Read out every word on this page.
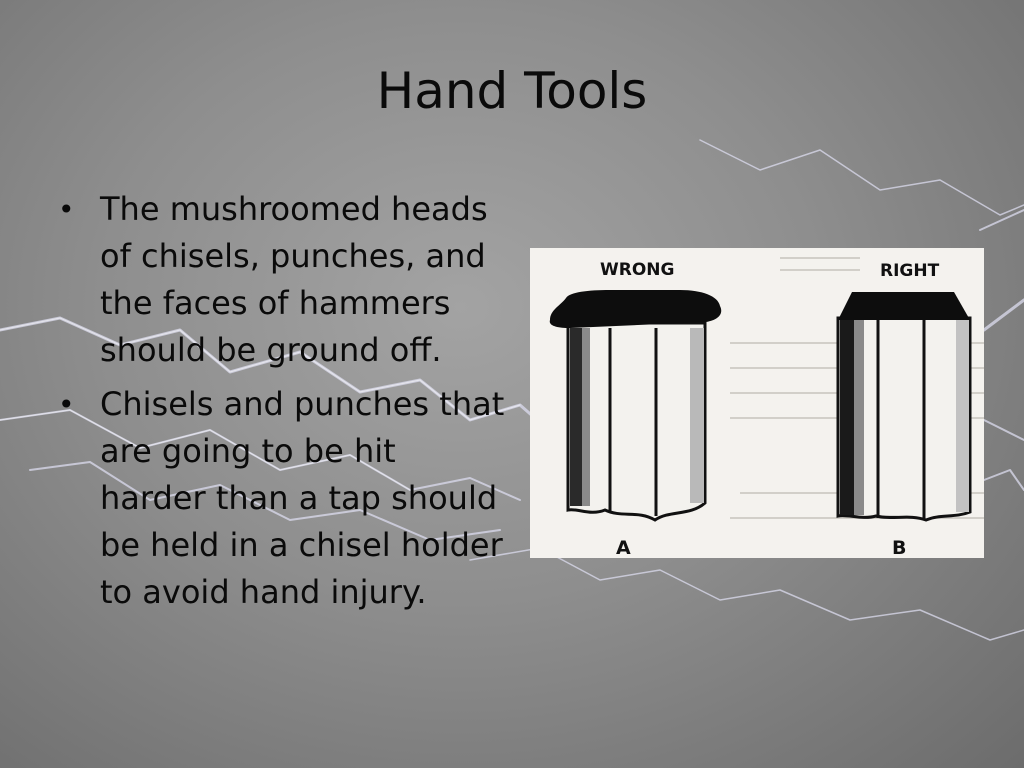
Hand Tools
• The mushroomed heads of chisels, punches, and the faces of hammers should be ground off.
• Chisels and punches that are going to be hit harder than a tap should be held in a chisel holder to avoid hand injury.
WRONG
A
RIGHT
B
